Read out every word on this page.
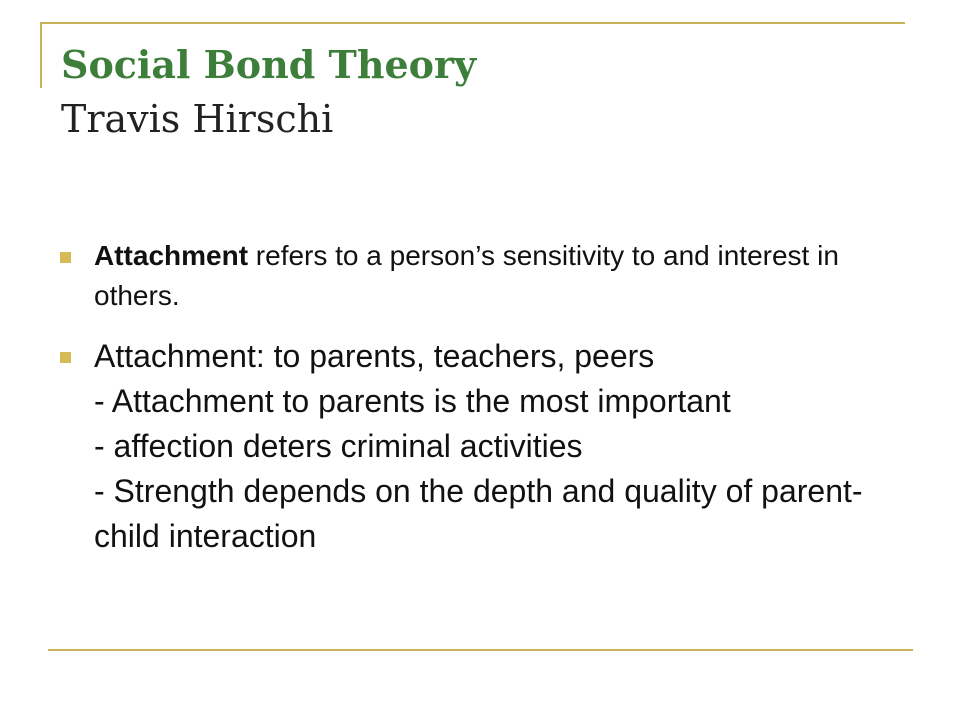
Social Bond Theory
Travis Hirschi
Attachment refers to a person’s sensitivity to and interest in others.
Attachment: to parents, teachers, peers
- Attachment to parents is the most important
- affection deters criminal activities
- Strength depends on the depth and quality of parent-child interaction
